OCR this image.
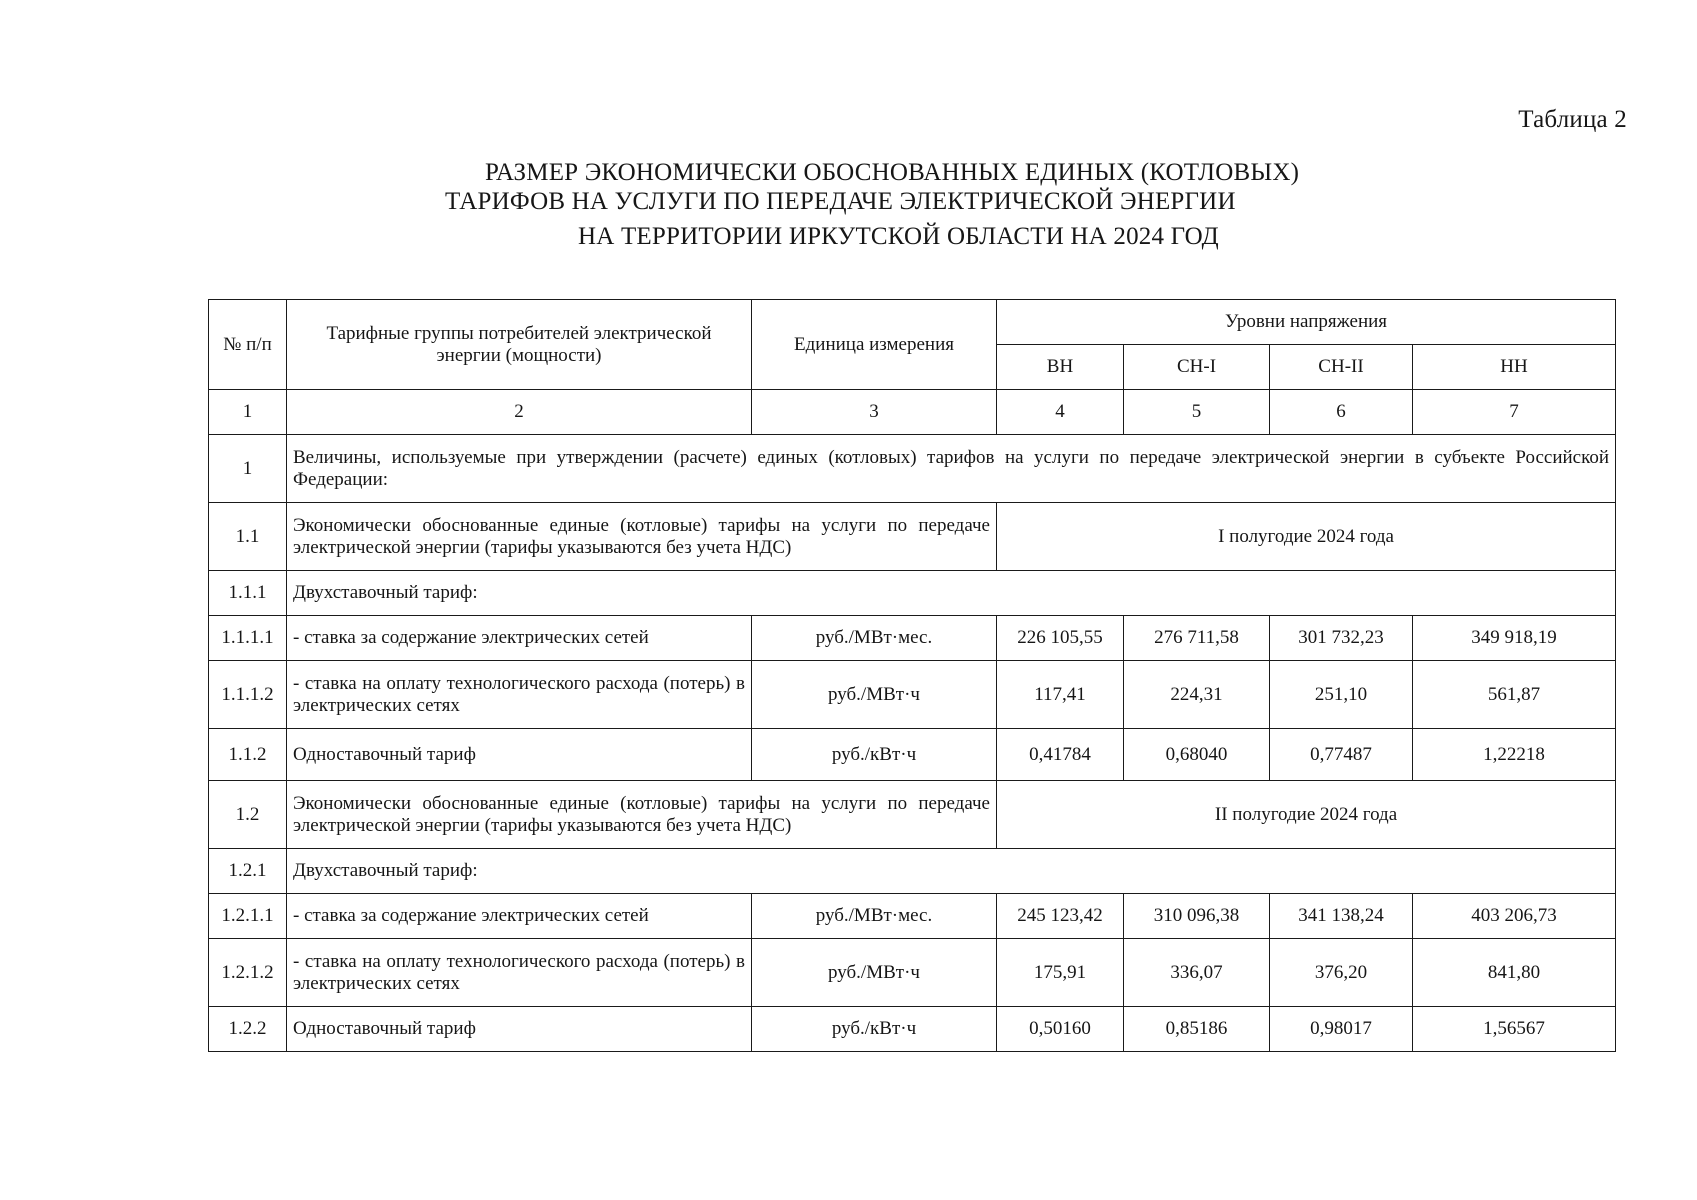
Таблица 2
РАЗМЕР ЭКОНОМИЧЕСКИ ОБОСНОВАННЫХ ЕДИНЫХ (КОТЛОВЫХ)
ТАРИФОВ НА УСЛУГИ ПО ПЕРЕДАЧЕ ЭЛЕКТРИЧЕСКОЙ ЭНЕРГИИ
НА ТЕРРИТОРИИ ИРКУТСКОЙ ОБЛАСТИ НА 2024 ГОД
№ п/п	Тарифные группы потребителей электрической энергии (мощности)	Единица измерения	Уровни напряжения			
			ВН	СН-I	СН-II	НН
1	2	3	4	5	6	7
1	Величины, используемые при утверждении (расчете) единых (котловых) тарифов на услуги по передаче электрической энергии в субъекте Российской Федерации:					
1.1	Экономически обоснованные единые (котловые) тарифы на услуги по передаче электрической энергии (тарифы указываются без учета НДС)		I полугодие 2024 года			
1.1.1	Двухставочный тариф:					
1.1.1.1	- ставка за содержание электрических сетей	руб./МВт·мес.	226 105,55	276 711,58	301 732,23	349 918,19
1.1.1.2	- ставка на оплату технологического расхода (потерь) в электрических сетях	руб./МВт·ч	117,41	224,31	251,10	561,87
1.1.2	Одноставочный тариф	руб./кВт·ч	0,41784	0,68040	0,77487	1,22218
1.2	Экономически обоснованные единые (котловые) тарифы на услуги по передаче электрической энергии (тарифы указываются без учета НДС)		II полугодие 2024 года			
1.2.1	Двухставочный тариф:					
1.2.1.1	- ставка за содержание электрических сетей	руб./МВт·мес.	245 123,42	310 096,38	341 138,24	403 206,73
1.2.1.2	- ставка на оплату технологического расхода (потерь) в электрических сетях	руб./МВт·ч	175,91	336,07	376,20	841,80
1.2.2	Одноставочный тариф	руб./кВт·ч	0,50160	0,85186	0,98017	1,56567
